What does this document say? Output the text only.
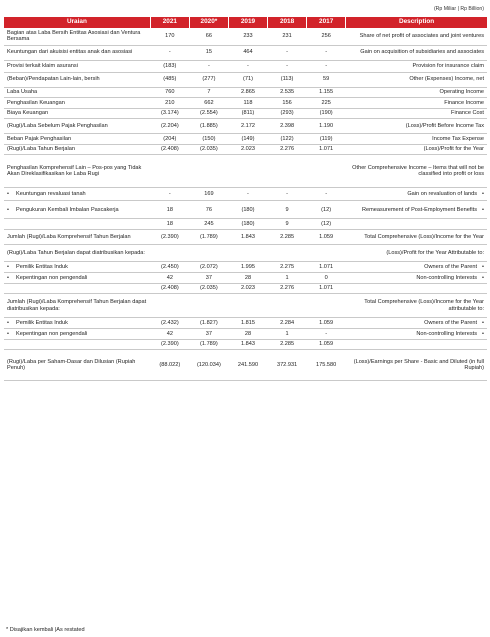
(Rp Miliar | Rp Billion)
Uraian	2021	2020*	2019	2018	2017	Description
Bagian atas Laba Bersih Entitas Asosiasi dan Ventura Bersama	170	66	233	231	256	Share of net profit of associates and joint ventures
Keuntungan dari akuisisi entitas anak dan asosiasi	-	15	464	-	-	Gain on acquisition of subsidiaries and associates
Provisi terkait klaim asuransi	(183)	-	-	-	-	Provision for insurance claim
(Beban)/Pendapatan Lain-lain, bersih	(485)	(277)	(71)	(113)	59	Other (Expenses) Income, net
Laba Usaha	760	7	2.865	2.535	1.155	Operating Income
Penghasilan Keuangan	210	662	118	156	225	Finance Income
Biaya Keuangan	(3.174)	(2.554)	(811)	(293)	(190)	Finance Cost
(Rugi)/Laba Sebelum Pajak Penghasilan	(2.204)	(1.885)	2.172	2.398	1.190	(Loss)/Profit Before Income Tax
Beban Pajak Penghasilan	(204)	(150)	(149)	(122)	(119)	Income Tax Expense
(Rugi)/Laba Tahun Berjalan	(2.408)	(2.035)	2.023	2.276	1.071	(Loss)/Profit for the Year
Penghasilan Komprehensif Lain – Pos-pos yang Tidak Akan Direklasifikasikan ke Laba Rugi						Other Comprehensive Income – Items that will not be classified into profit or loss
• Keuntungan revaluasi tanah	-	169	-	-	-	Gain on revaluation of lands •
• Pengukuran Kembali Imbalan Pascakerja	18	76	(180)	9	(12)	Remeasurement of Post-Employment Benefits •
	18	245	(180)	9	(12)	
Jumlah (Rugi)/Laba Komprehensif Tahun Berjalan	(2.390)	(1.789)	1.843	2.285	1.059	Total Comprehensive (Loss)/Income for the Year
(Rugi)/Laba Tahun Berjalan dapat diatribusikan kepada:						(Loss)/Profit for the Year Attributable to:
• Pemilik Entitas Induk	(2.450)	(2.072)	1.995	2.275	1.071	Owners of the Parent •
• Kepentingan non pengendali	42	37	28	1	0	Non-controlling Interests •
	(2.408)	(2.035)	2.023	2.276	1.071	
Jumlah (Rugi)/Laba Komprehensif Tahun Berjalan dapat diatribusikan kepada:						Total Comprehensive (Loss)/Income for the Year attributable to:
• Pemilik Entitas Induk	(2.432)	(1.827)	1.815	2.284	1.059	Owners of the Parent •
• Kepentingan non pengendali	42	37	28	1	-	Non-controlling Interests •
	(2.390)	(1.789)	1.843	2.285	1.059	
(Rugi)/Laba per Saham-Dasar dan Dilusian (Rupiah Penuh)	(88.022)	(120.034)	241.590	372.931	175.580	(Loss)/Earnings per Share - Basic and Diluted (in full Rupiah)
* Disajikan kembali |As restated
